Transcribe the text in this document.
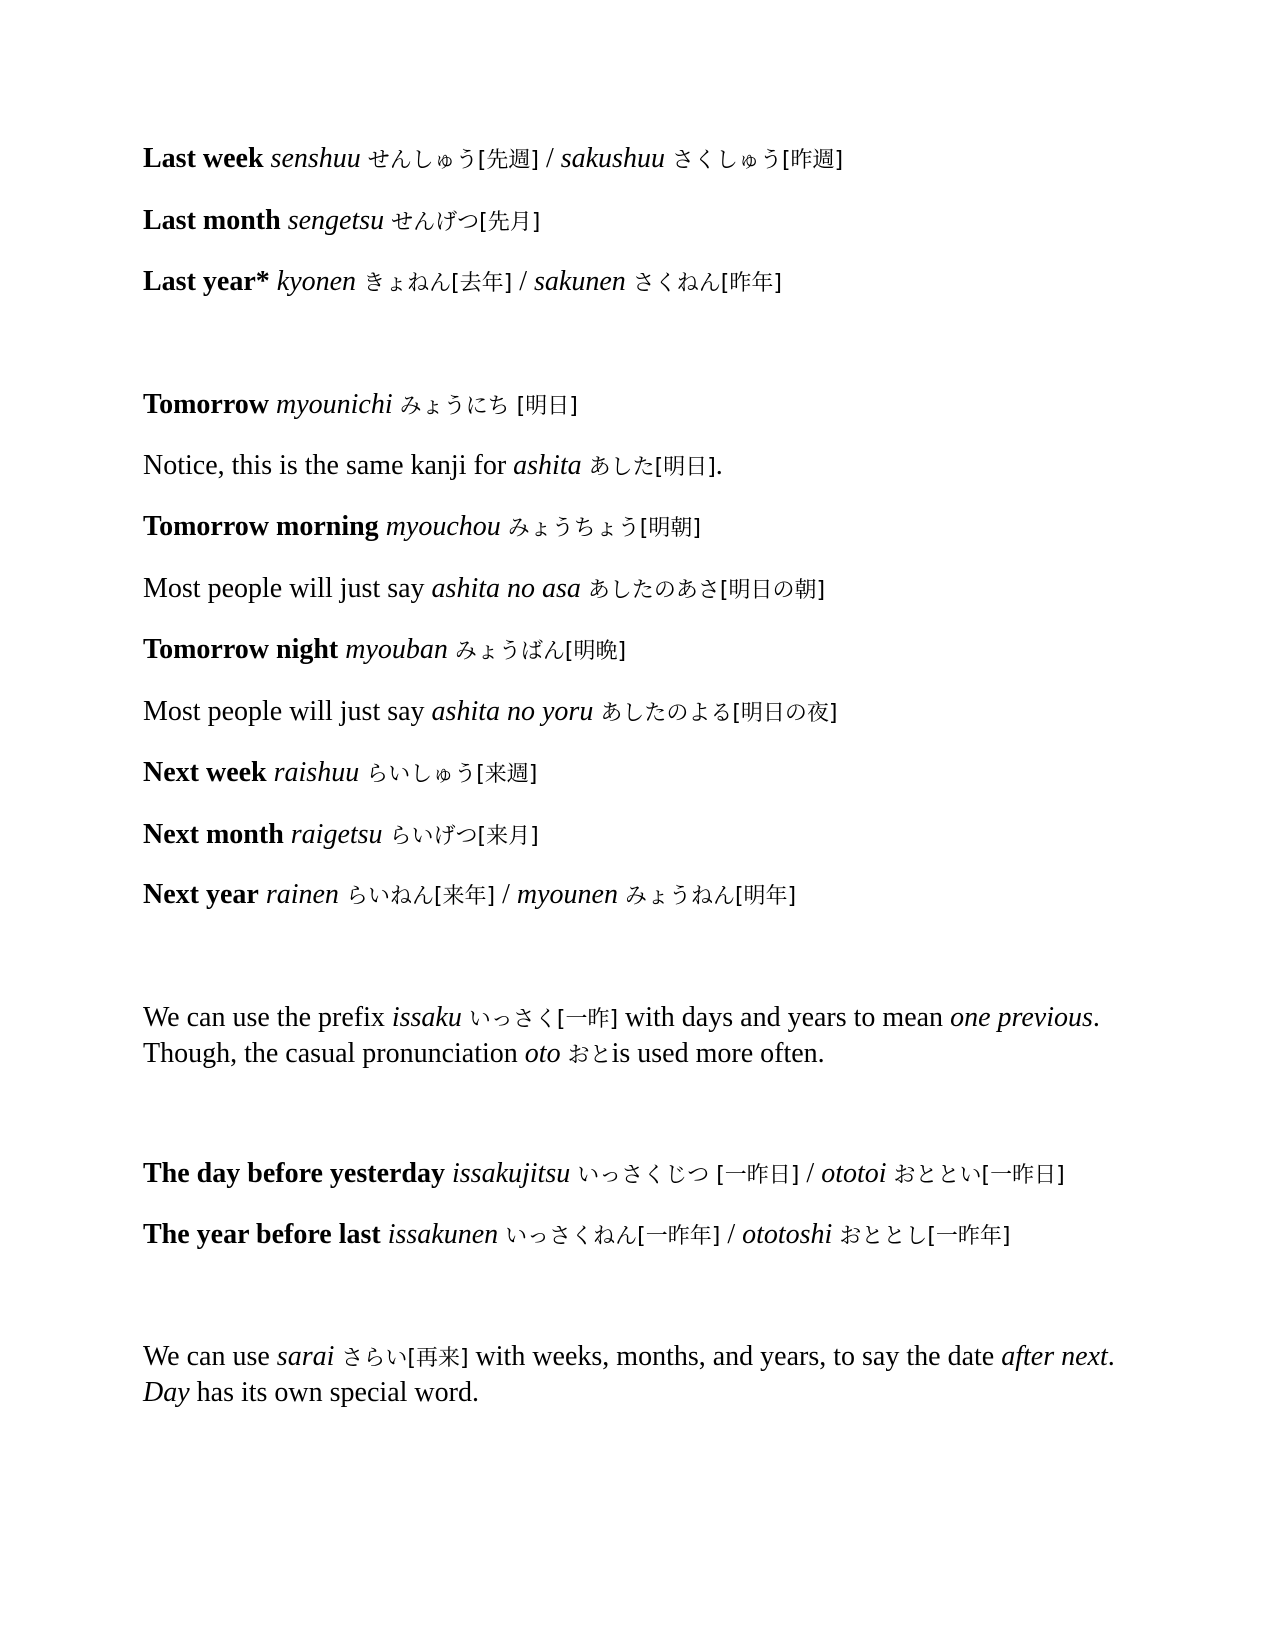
Last week senshuu せんしゅう[先週] / sakushuu さくしゅう[昨週]
Last month sengetsu せんげつ[先月]
Last year* kyonen きょねん[去年] / sakunen さくねん[昨年]
Tomorrow myounichi みょうにち [明日]
Notice, this is the same kanji for ashita あした[明日].
Tomorrow morning myouchou みょうちょう[明朝]
Most people will just say ashita no asa あしたのあさ[明日の朝]
Tomorrow night myouban みょうばん[明晩]
Most people will just say ashita no yoru あしたのよる[明日の夜]
Next week raishuu らいしゅう[来週]
Next month raigetsu らいげつ[来月]
Next year rainen らいねん[来年] / myounen みょうねん[明年]
We can use the prefix issaku いっさく[一昨] with days and years to mean one previous. Though, the casual pronunciation oto おとis used more often.
The day before yesterday issakujitsu いっさくじつ [一昨日] / ototoi おととい[一昨日]
The year before last issakunen いっさくねん[一昨年] / ototoshi おととし[一昨年]
We can use sarai さらい[再来] with weeks, months, and years, to say the date after next. Day has its own special word.
